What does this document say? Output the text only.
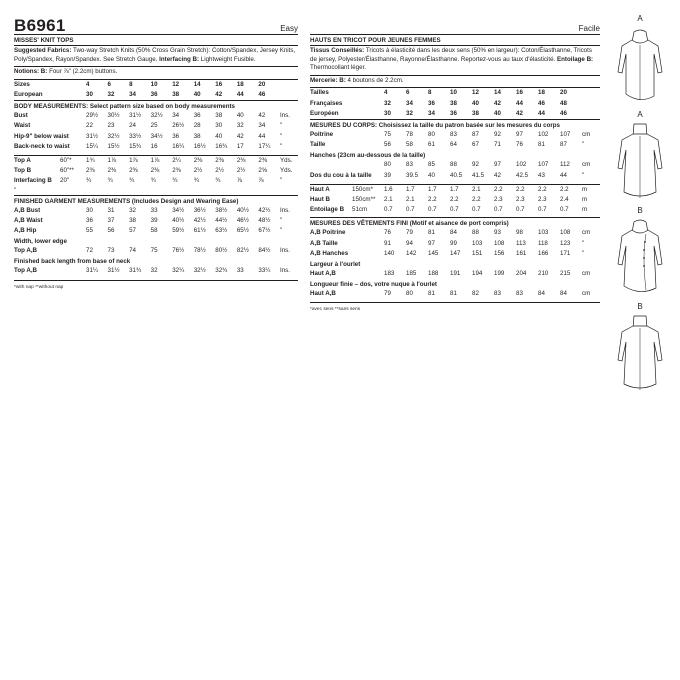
B6961	Easy
MISSES' KNIT TOPS
Suggested Fabrics: Two-way Stretch Knits (50% Cross Grain Stretch): Cotton/Spandex, Jersey Knits, Poly/Spandex, Rayon/Spandex. See Stretch Gauge. Interfacing B: Lightweight Fusible.
Notions: B: Four ⅞" (2.2cm) buttons.
Sizes	4	6	8	10	12	14	16	18	20
European	30	32	34	36	38	40	42	44	46
BODY MEASUREMENTS: Select pattern size based on body measurements
Bust	29½	30½	31½	32½	34	36	38	40	42	Ins.
Waist	22	23	24	25	26½	28	30	32	34	"
Hip-9" below waist	31½	32½	33½	34½	36	38	40	42	44	"
Back-neck to waist	15¼	15½	15¾	16	16¼	16½	16¾	17	17¼	"
Top A	60"*	1¾	1⅞	1⅞	1⅞	2¼	2⅜	2⅜	2⅜	2⅜	Yds.
Top B	60"**	2⅜	2⅜	2⅜	2⅜	2⅜	2½	2½	2½	2⅝	Yds.
Interfacing B	20"	¾	¾	¾	¾	¾	¾	¾	⅞	⅞	"
"
FINISHED GARMENT MEASUREMENTS (Includes Design and Wearing Ease)
A,B Bust	30	31	32	33	34½	36½	38½	40½	42½	Ins.
A,B Waist	36	37	38	39	40½	42½	44½	46½	48½	"
A,B Hip	55	56	57	58	59½	61½	63½	65½	67½	"
Width, lower edge
Top A,B	72	73	74	75	76½	78½	80½	82½	84½	Ins.
Finished back length from base of neck
Top A,B	31¼	31½	31¾	32	32¼	32½	32¾	33	33¼	Ins.
*with nap **without nap
Facile
HAUTS EN TRICOT POUR JEUNES FEMMES
Tissus Conseillés: Tricots à élasticité dans les deux sens (50% en largeur): Coton/Élasthanne, Tricots de jersey, Polyester/Élasthanne, Rayonne/Élasthanne. Reportez-vous au taux d'élasticité. Entoilage B: Thermocollant léger.
Mercerie: B: 4 boutons de 2.2cm.
Tailles	4	6	8	10	12	14	16	18	20
Françaises	32	34	36	38	40	42	44	46	48
Européen	30	32	34	36	38	40	42	44	46
MESURES DU CORPS: Choisissez la taille du patron basée sur les mesures du corps
Poitrine	75	78	80	83	87	92	97	102	107	cm
Taille	56	58	61	64	67	71	76	81	87	"
Hanches (23cm au-dessous de la taille)
	80	83	85	88	92	97	102	107	112	cm
Dos du cou à la taille	39	39.5	40	40.5	41.5	42	42.5	43	44	"
Haut A	150cm*	1.6	1.7	1.7	1.7	2.1	2.2	2.2	2.2	2.2	m
Haut B	150cm**	2.1	2.1	2.2	2.2	2.2	2.3	2.3	2.3	2.4	m
Entoilage B	51cm	0.7	0.7	0.7	0.7	0.7	0.7	0.7	0.7	0.7	m
MESURES DES VÊTEMENTS FINI (Motif et aisance de port compris)
A,B Poitrine	76	79	81	84	88	93	98	103	108	cm
A,B Taille	91	94	97	99	103	108	113	118	123	"
A,B Hanches	140	142	145	147	151	156	161	166	171	"
Largeur à l'ourlet
Haut A,B	183	185	188	191	194	199	204	210	215	cm
Longueur finie – dos, votre nuque à l'ourlet
Haut A,B	79	80	81	81	82	83	83	84	84	cm
*avec sens **sans sens
A
A
B
B
